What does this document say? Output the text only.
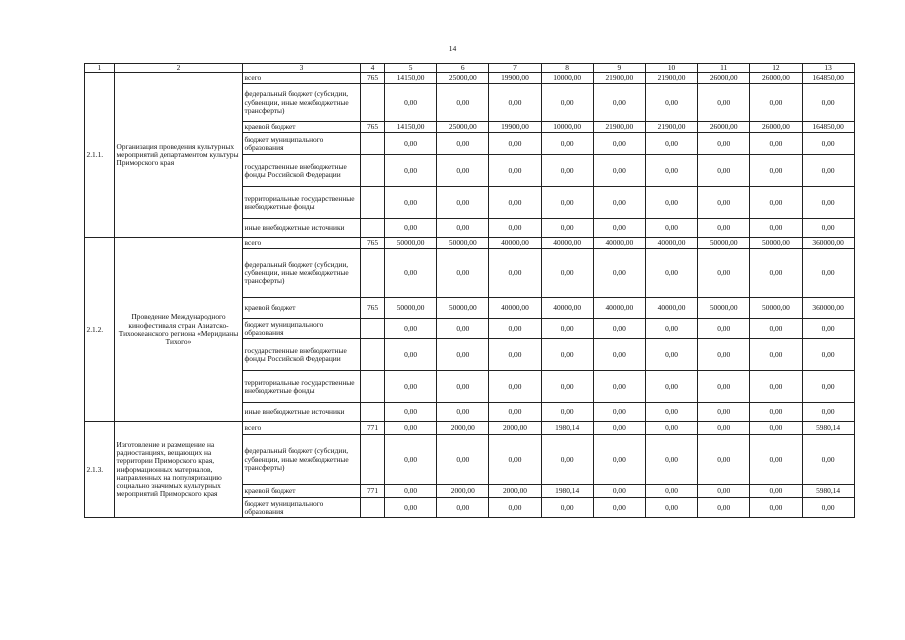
14
1	2	3	4	5	6	7	8	9	10	11	12	13
2.1.1.	Организация проведения культурных мероприятий департаментом культуры Приморского края	всего	765	14150,00	25000,00	19900,00	10000,00	21900,00	21900,00	26000,00	26000,00	164850,00
		федеральный бюджет (субсидии, субвенции, иные межбюджетные трансферты)		0,00	0,00	0,00	0,00	0,00	0,00	0,00	0,00	0,00
		краевой бюджет	765	14150,00	25000,00	19900,00	10000,00	21900,00	21900,00	26000,00	26000,00	164850,00
		бюджет муниципального образования		0,00	0,00	0,00	0,00	0,00	0,00	0,00	0,00	0,00
		государственные внебюджетные фонды Российской Федерации		0,00	0,00	0,00	0,00	0,00	0,00	0,00	0,00	0,00
		территориальные государственные внебюджетные фонды		0,00	0,00	0,00	0,00	0,00	0,00	0,00	0,00	0,00
		иные внебюджетные источники		0,00	0,00	0,00	0,00	0,00	0,00	0,00	0,00	0,00
2.1.2.	Проведение Международного кинофестиваля стран Азиатско-Тихоокеанского региона «Меридианы Тихого»	всего	765	50000,00	50000,00	40000,00	40000,00	40000,00	40000,00	50000,00	50000,00	360000,00
		федеральный бюджет (субсидии, субвенции, иные межбюджетные трансферты)		0,00	0,00	0,00	0,00	0,00	0,00	0,00	0,00	0,00
		краевой бюджет	765	50000,00	50000,00	40000,00	40000,00	40000,00	40000,00	50000,00	50000,00	360000,00
		бюджет муниципального образования		0,00	0,00	0,00	0,00	0,00	0,00	0,00	0,00	0,00
		государственные внебюджетные фонды Российской Федерации		0,00	0,00	0,00	0,00	0,00	0,00	0,00	0,00	0,00
		территориальные государственные внебюджетные фонды		0,00	0,00	0,00	0,00	0,00	0,00	0,00	0,00	0,00
		иные внебюджетные источники		0,00	0,00	0,00	0,00	0,00	0,00	0,00	0,00	0,00
2.1.3.	Изготовление и размещение на радиостанциях, вещающих на территории Приморского края, информационных материалов, направленных на популяризацию социально значимых культурных мероприятий Приморского края	всего	771	0,00	2000,00	2000,00	1980,14	0,00	0,00	0,00	0,00	5980,14
		федеральный бюджет (субсидии, субвенции, иные межбюджетные трансферты)		0,00	0,00	0,00	0,00	0,00	0,00	0,00	0,00	0,00
		краевой бюджет	771	0,00	2000,00	2000,00	1980,14	0,00	0,00	0,00	0,00	5980,14
		бюджет муниципального образования		0,00	0,00	0,00	0,00	0,00	0,00	0,00	0,00	0,00
